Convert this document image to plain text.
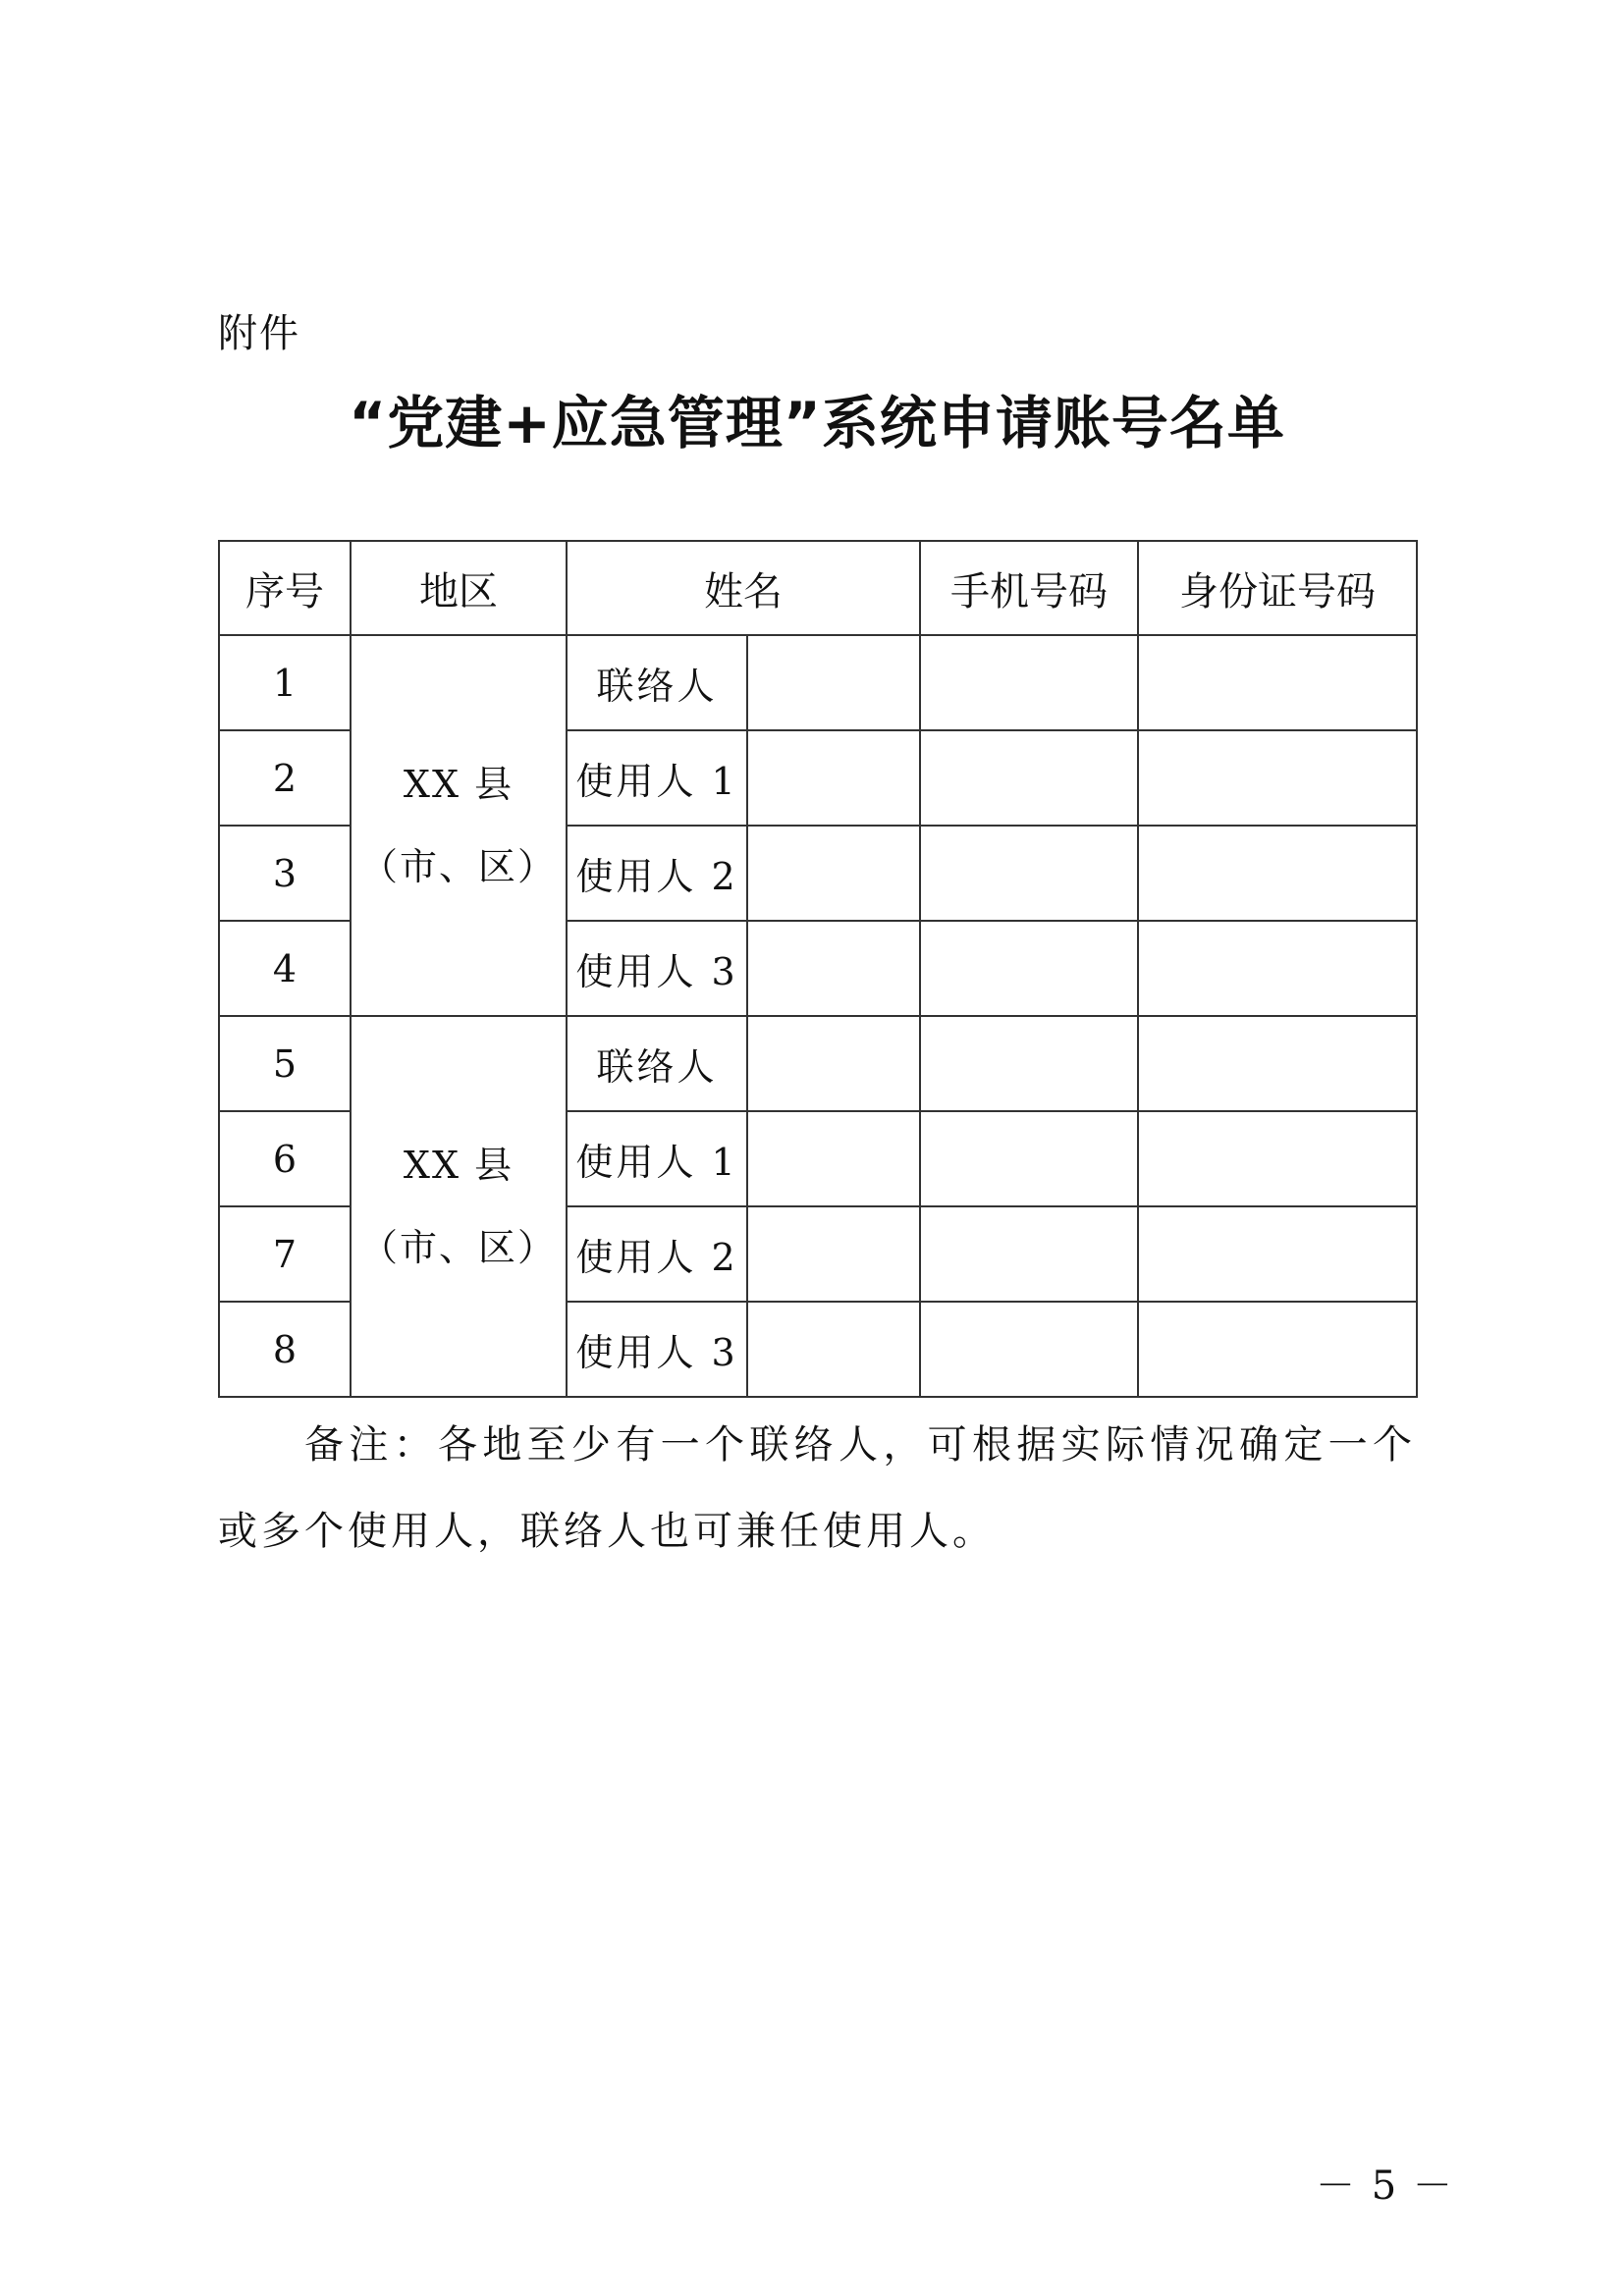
附件
“党建+应急管理”系统申请账号名单
序号	地区	姓名		手机号码	身份证号码
1	XX 县（市、区）	联络人			
2		使用人 1			
3		使用人 2			
4		使用人 3			
5	XX 县（市、区）	联络人			
6		使用人 1			
7		使用人 2			
8		使用人 3			
备注：各地至少有一个联络人，可根据实际情况确定一个或多个使用人，联络人也可兼任使用人。
－ 5 －
